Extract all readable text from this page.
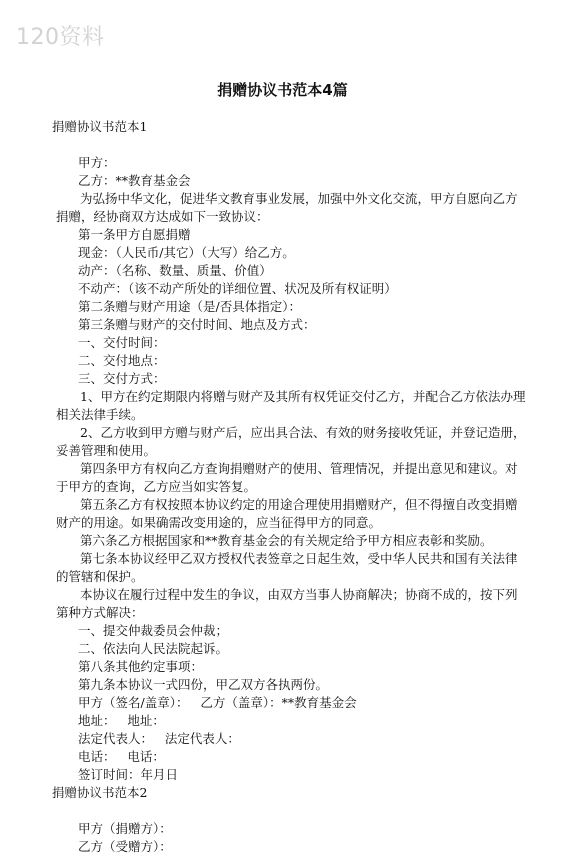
120资料
捐赠协议书范本4篇
捐赠协议书范本1
甲方：
乙方：**教育基金会
为弘扬中华文化，促进华文教育事业发展，加强中外文化交流，甲方自愿向乙方捐赠，经协商双方达成如下一致协议：
第一条甲方自愿捐赠
现金：（人民币/其它）（大写）给乙方。
动产：（名称、数量、质量、价值）
不动产：（该不动产所处的详细位置、状况及所有权证明）
第二条赠与财产用途（是/否具体指定）：
第三条赠与财产的交付时间、地点及方式：
一、交付时间：
二、交付地点：
三、交付方式：
1、甲方在约定期限内将赠与财产及其所有权凭证交付乙方，并配合乙方依法办理相关法律手续。
2、乙方收到甲方赠与财产后，应出具合法、有效的财务接收凭证，并登记造册，妥善管理和使用。
第四条甲方有权向乙方查询捐赠财产的使用、管理情况，并提出意见和建议。对于甲方的查询，乙方应当如实答复。
第五条乙方有权按照本协议约定的用途合理使用捐赠财产，但不得擅自改变捐赠财产的用途。如果确需改变用途的，应当征得甲方的同意。
第六条乙方根据国家和**教育基金会的有关规定给予甲方相应表彰和奖励。
第七条本协议经甲乙双方授权代表签章之日起生效，受中华人民共和国有关法律的管辖和保护。
本协议在履行过程中发生的争议，由双方当事人协商解决；协商不成的，按下列第种方式解决：
一、提交仲裁委员会仲裁；
二、依法向人民法院起诉。
第八条其他约定事项：
第九条本协议一式四份，甲乙双方各执两份。
甲方（签名/盖章）：   乙方（盖章）：**教育基金会
地址：   地址：
法定代表人：   法定代表人：
电话：   电话：
签订时间：年月日
捐赠协议书范本2
甲方（捐赠方）：
乙方（受赠方）：
